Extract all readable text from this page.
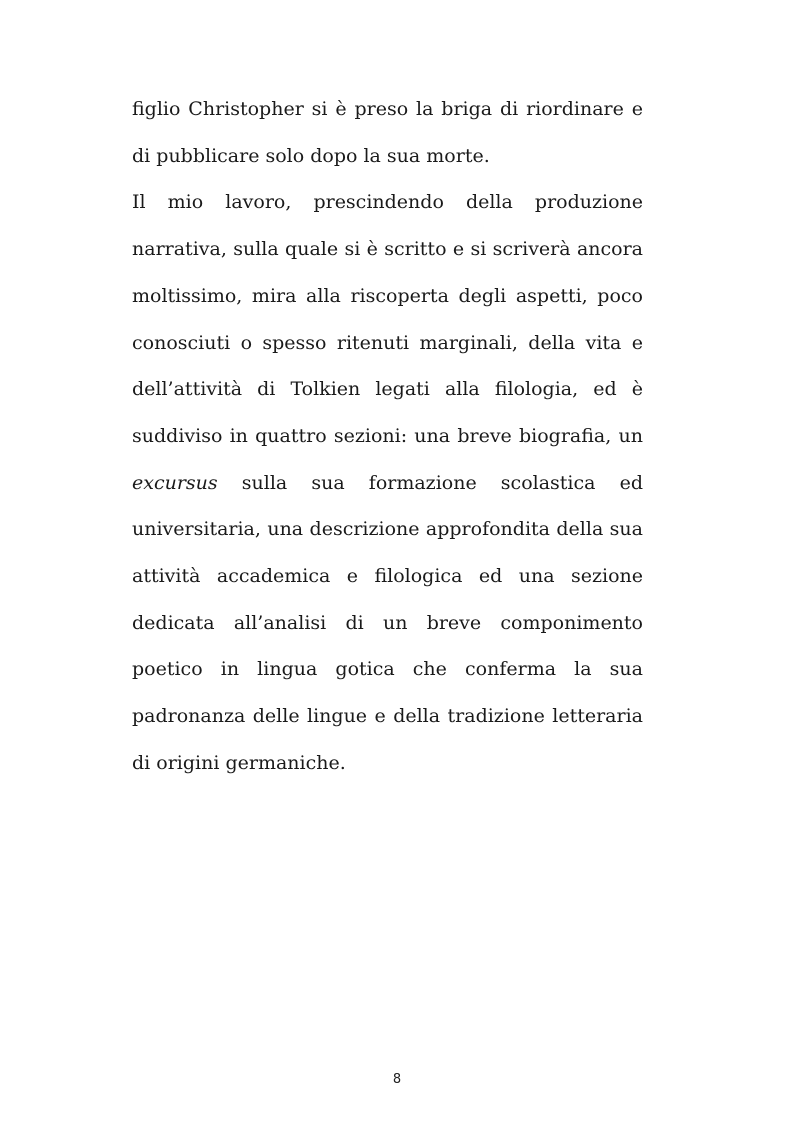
figlio Christopher si è preso la briga di riordinare e di pubblicare solo dopo la sua morte.

Il mio lavoro, prescindendo della produzione narrativa, sulla quale si è scritto e si scriverà ancora moltissimo, mira alla riscoperta degli aspetti, poco conosciuti o spesso ritenuti marginali, della vita e dell’attività di Tolkien legati alla filologia, ed è suddiviso in quattro sezioni: una breve biografia, un excursus sulla sua formazione scolastica ed universitaria, una descrizione approfondita della sua attività accademica e filologica ed una sezione dedicata all’analisi di un breve componimento poetico in lingua gotica che conferma la sua padronanza delle lingue e della tradizione letteraria di origini germaniche.

8
